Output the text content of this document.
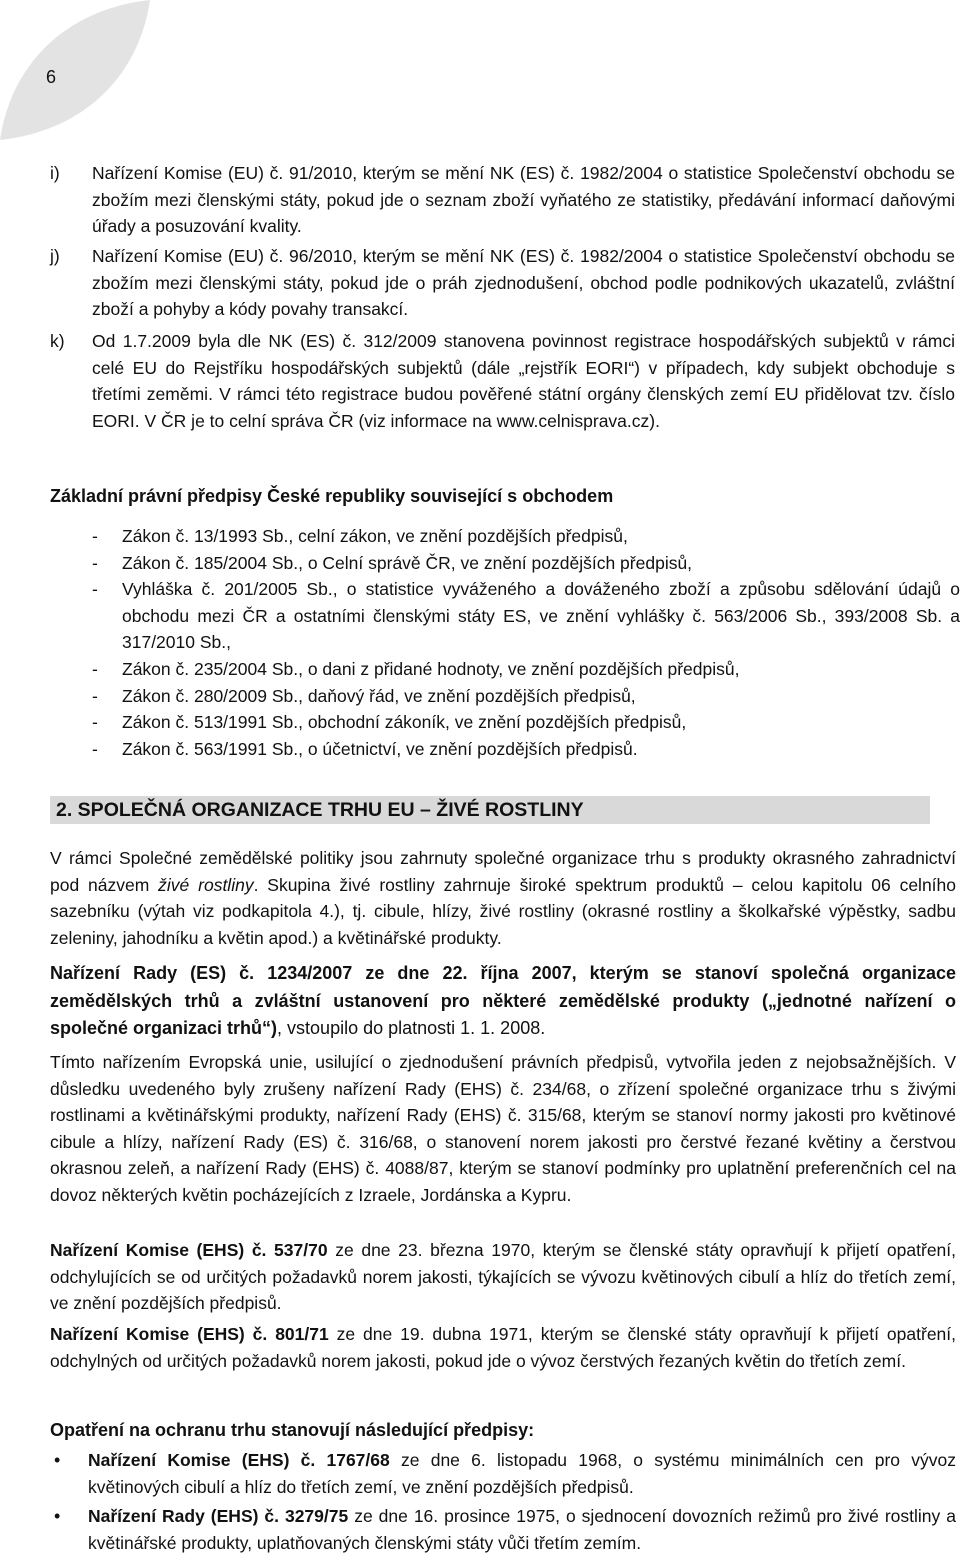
6
i)	Nařízení Komise (EU) č. 91/2010, kterým se mění NK (ES) č. 1982/2004 o statistice Společenství obchodu se zbožím mezi členskými státy, pokud jde o seznam zboží vyňatého ze statistiky, předávání informací daňovými úřady a posuzování kvality.
j)	Nařízení Komise (EU) č. 96/2010, kterým se mění NK (ES) č. 1982/2004 o statistice Společenství obchodu se zbožím mezi členskými státy, pokud jde o práh zjednodušení, obchod podle podnikových ukazatelů, zvláštní zboží a pohyby a kódy povahy transakcí.
k)	Od 1.7.2009 byla dle NK (ES) č. 312/2009 stanovena povinnost registrace hospodářských subjektů v rámci celé EU do Rejstříku hospodářských subjektů (dále „rejstřík EORI“) v případech, kdy subjekt obchoduje s třetími zeměmi. V rámci této registrace budou pověřené státní orgány členských zemí EU přidělovat tzv. číslo EORI. V ČR je to celní správa ČR (viz informace na www.celnisprava.cz).
Základní právní předpisy České republiky související s obchodem
- Zákon č. 13/1993 Sb., celní zákon, ve znění pozdějších předpisů,
- Zákon č. 185/2004 Sb., o Celní správě ČR, ve znění pozdějších předpisů,
- Vyhláška č. 201/2005 Sb., o statistice vyváženého a dováženého zboží a způsobu sdělování údajů o obchodu mezi ČR a ostatními členskými státy ES, ve znění vyhlášky č. 563/2006 Sb., 393/2008 Sb. a 317/2010 Sb.,
- Zákon č. 235/2004 Sb., o dani z přidané hodnoty, ve znění pozdějších předpisů,
- Zákon č. 280/2009 Sb., daňový řád, ve znění pozdějších předpisů,
- Zákon č. 513/1991 Sb., obchodní zákoník, ve znění pozdějších předpisů,
- Zákon č. 563/1991 Sb., o účetnictví, ve znění pozdějších předpisů.
2. SPOLEČNÁ ORGANIZACE TRHU EU – ŽIVÉ ROSTLINY

V rámci Společné zemědělské politiky jsou zahrnuty společné organizace trhu s produkty okrasného zahradnictví pod názvem živé rostliny. Skupina živé rostliny zahrnuje široké spektrum produktů – celou kapitolu 06 celního sazebníku (výtah viz podkapitola 4.), tj. cibule, hlízy, živé rostliny (okrasné rostliny a školkařské výpěstky, sadbu zeleniny, jahodníku a květin apod.) a květinářské produkty.

Nařízení Rady (ES) č. 1234/2007 ze dne 22. října 2007, kterým se stanoví společná organizace zemědělských trhů a zvláštní ustanovení pro některé zemědělské produkty („jednotné nařízení o společné organizaci trhů“), vstoupilo do platnosti 1. 1. 2008.

Tímto nařízením Evropská unie, usilující o zjednodušení právních předpisů, vytvořila jeden z nejobsažnějších. V důsledku uvedeného byly zrušeny nařízení Rady (EHS) č. 234/68, o zřízení společné organizace trhu s živými rostlinami a květinářskými produkty, nařízení Rady (EHS) č. 315/68, kterým se stanoví normy jakosti pro květinové cibule a hlízy, nařízení Rady (ES) č. 316/68, o stanovení norem jakosti pro čerstvé řezané květiny a čerstvou okrasnou zeleň, a nařízení Rady (EHS) č. 4088/87, kterým se stanoví podmínky pro uplatnění preferenčních cel na dovoz některých květin pocházejících z Izraele, Jordánska a Kypru.

Nařízení Komise (EHS) č. 537/70 ze dne 23. března 1970, kterým se členské státy opravňují k přijetí opatření, odchylujících se od určitých požadavků norem jakosti, týkajících se vývozu květinových cibulí a hlíz do třetích zemí, ve znění pozdějších předpisů.

Nařízení Komise (EHS) č. 801/71 ze dne 19. dubna 1971, kterým se členské státy opravňují k přijetí opatření, odchylných od určitých požadavků norem jakosti, pokud jde o vývoz čerstvých řezaných květin do třetích zemí.

Opatření na ochranu trhu stanovují následující předpisy:
• Nařízení Komise (EHS) č. 1767/68 ze dne 6. listopadu 1968, o systému minimálních cen pro vývoz květinových cibulí a hlíz do třetích zemí, ve znění pozdějších předpisů.
• Nařízení Rady (EHS) č. 3279/75 ze dne 16. prosince 1975, o sjednocení dovozních režimů pro živé rostliny a květinářské produkty, uplatňovaných členskými státy vůči třetím zemím.
